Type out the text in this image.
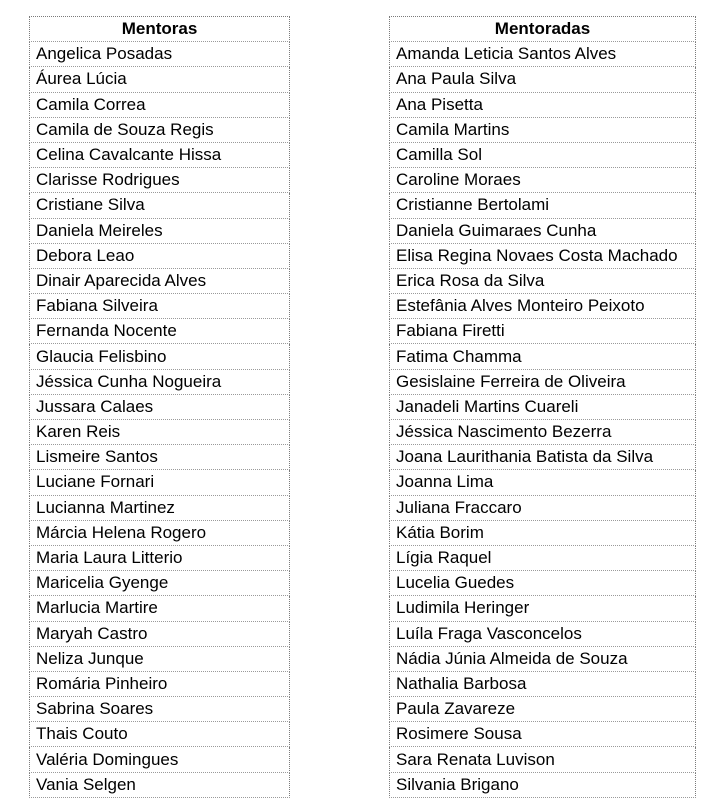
Mentoras
Angelica Posadas
Áurea Lúcia
Camila Correa
Camila de Souza Regis
Celina Cavalcante Hissa
Clarisse Rodrigues
Cristiane Silva
Daniela Meireles
Debora Leao
Dinair Aparecida Alves
Fabiana Silveira
Fernanda Nocente
Glaucia Felisbino
Jéssica Cunha Nogueira
Jussara Calaes
Karen Reis
Lismeire Santos
Luciane Fornari
Lucianna Martinez
Márcia Helena Rogero
Maria Laura Litterio
Maricelia Gyenge
Marlucia Martire
Maryah Castro
Neliza Junque
Romária Pinheiro
Sabrina Soares
Thais Couto
Valéria Domingues
Vania Selgen
Mentoradas
Amanda Leticia Santos Alves
Ana Paula Silva
Ana Pisetta
Camila Martins
Camilla Sol
Caroline Moraes
Cristianne Bertolami
Daniela Guimaraes Cunha
Elisa Regina Novaes Costa Machado
Erica Rosa da Silva
Estefânia Alves Monteiro Peixoto
Fabiana Firetti
Fatima Chamma
Gesislaine Ferreira de Oliveira
Janadeli Martins Cuareli
Jéssica Nascimento Bezerra
Joana Laurithania Batista da Silva
Joanna Lima
Juliana Fraccaro
Kátia Borim
Lígia Raquel
Lucelia Guedes
Ludimila Heringer
Luíla Fraga Vasconcelos
Nádia Júnia Almeida de Souza
Nathalia Barbosa
Paula Zavareze
Rosimere Sousa
Sara Renata Luvison
Silvania Brigano
